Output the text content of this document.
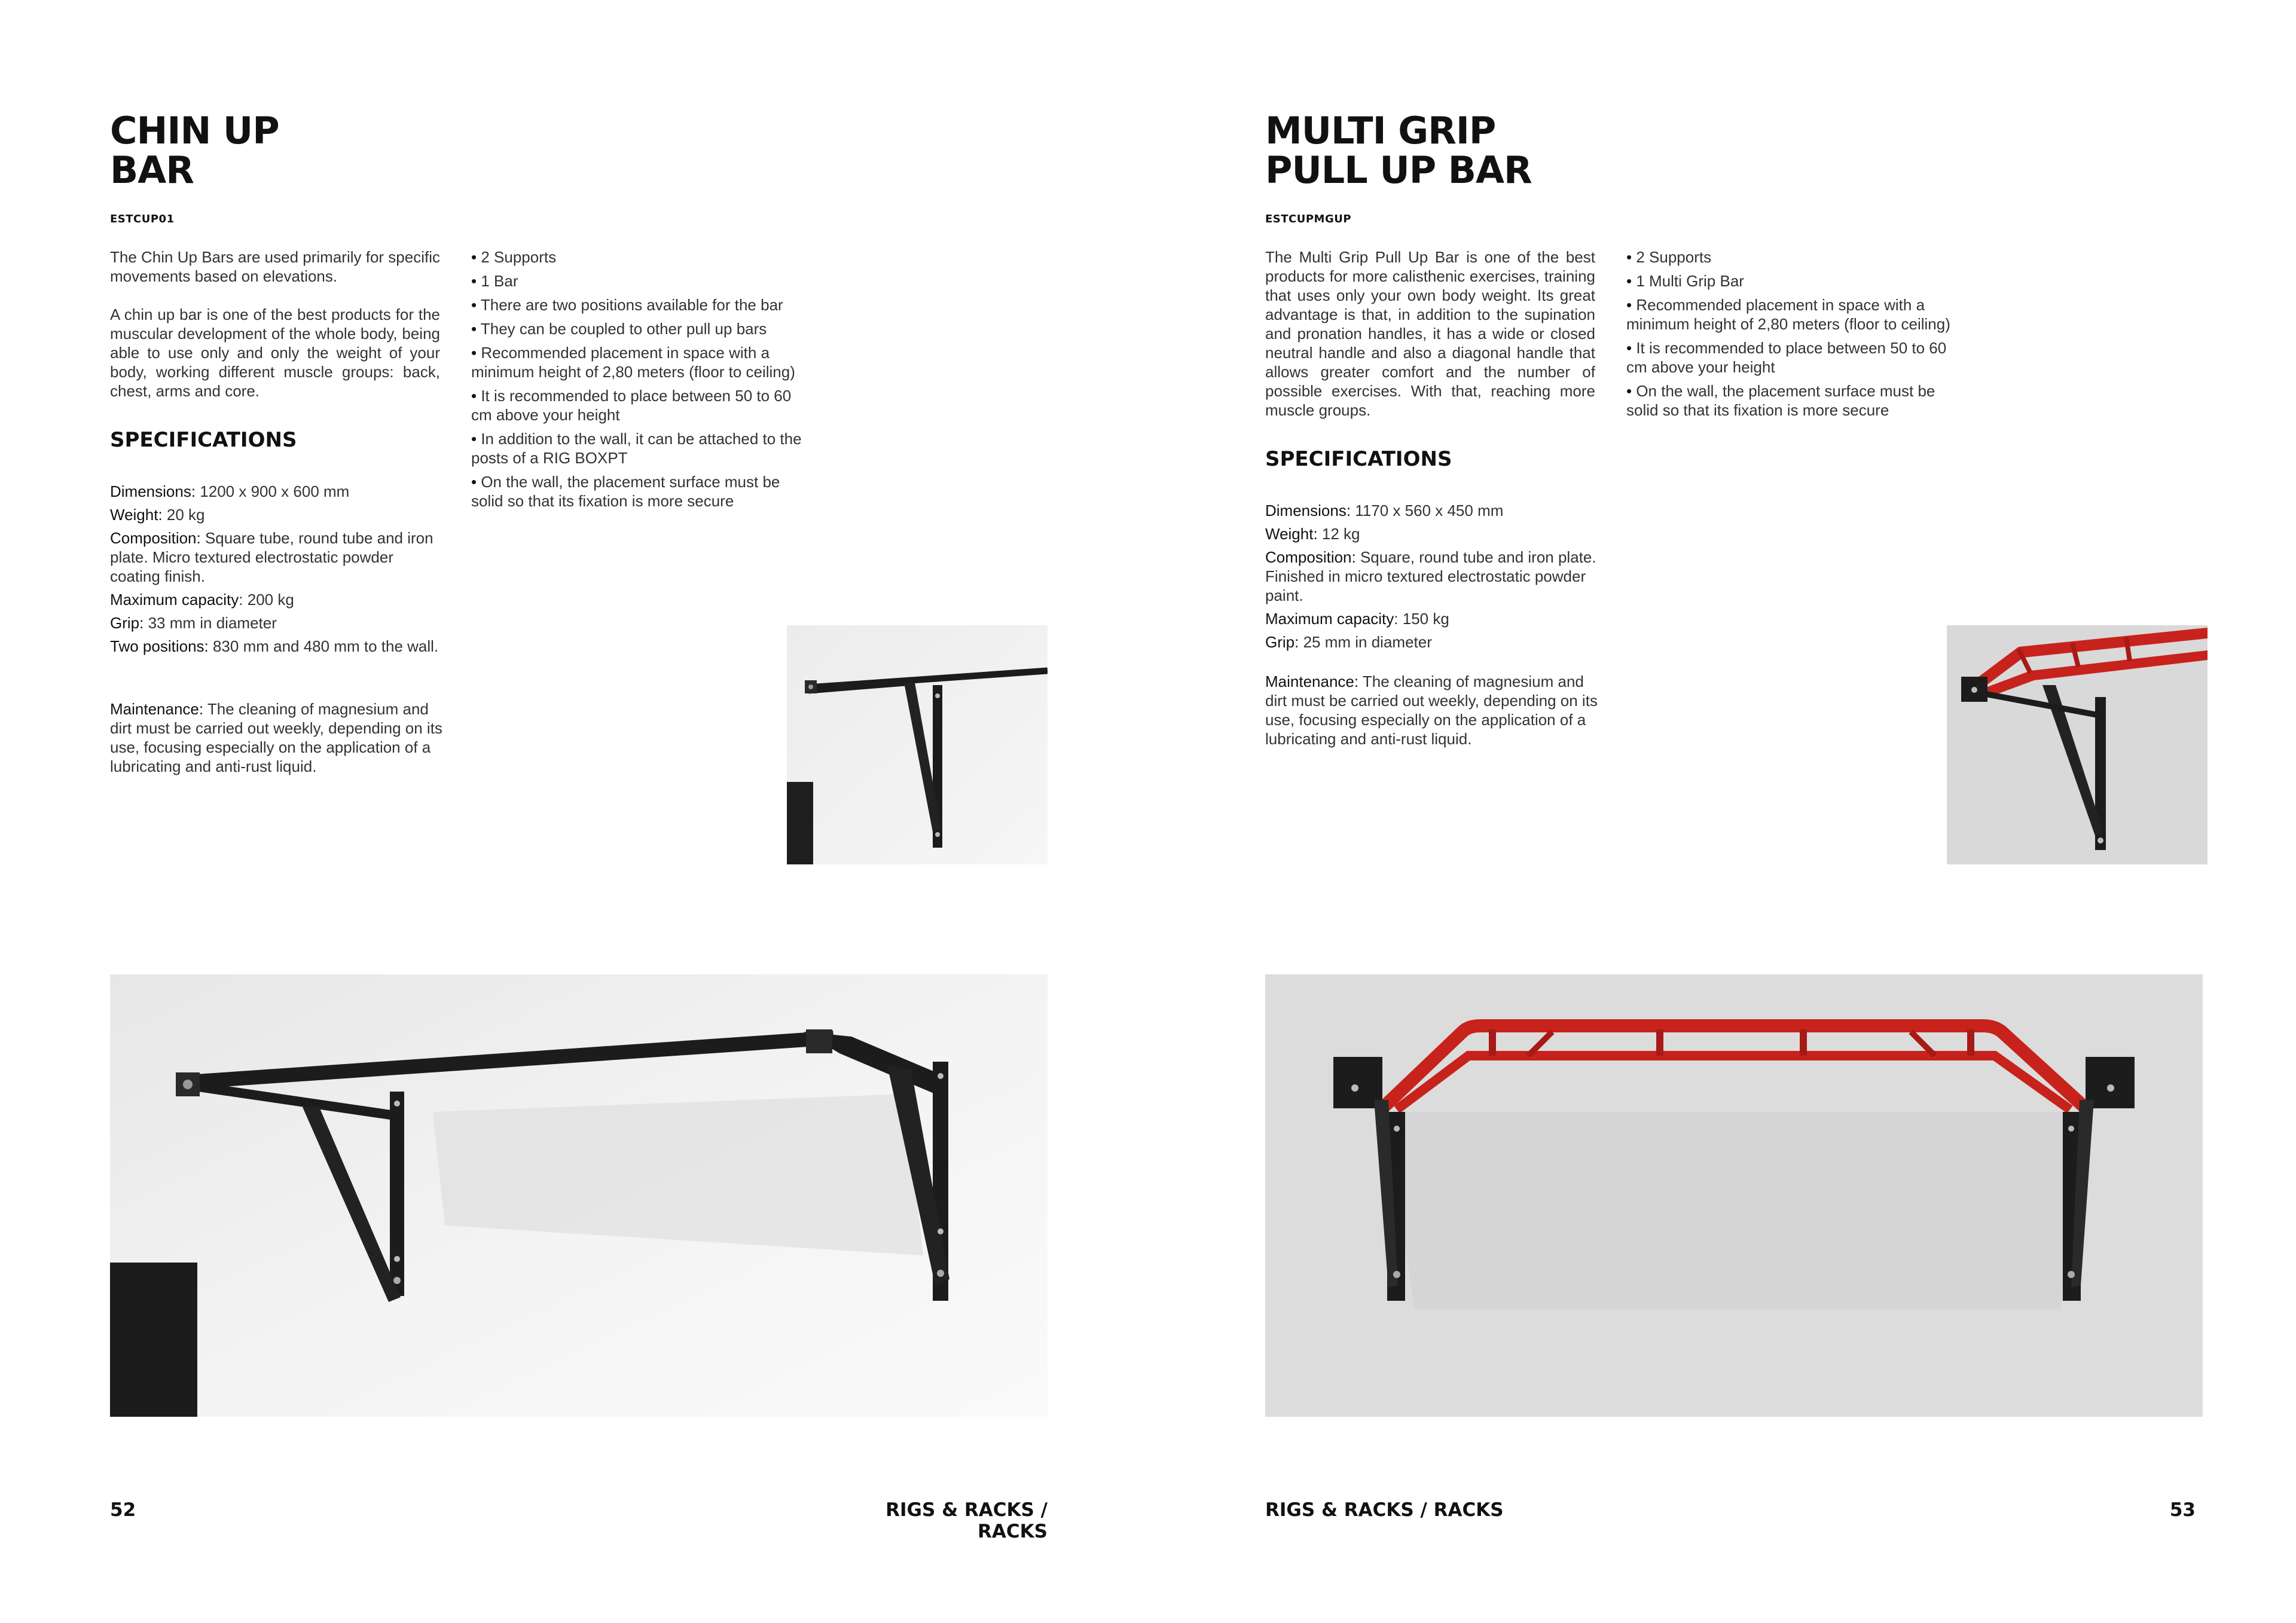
CHIN UP
BAR
ESTCUP01

The Chin Up Bars are used primarily for specific movements based on elevations.

A chin up bar is one of the best products for the muscular development of the whole body, being able to use only and only the weight of your body, working different muscle groups: back, chest, arms and core.

SPECIFICATIONS
Dimensions: 1200 x 900 x 600 mm
Weight: 20 kg
Composition: Square tube, round tube and iron plate. Micro textured electrostatic powder coating finish.
Maximum capacity: 200 kg
Grip: 33 mm in diameter
Two positions: 830 mm and 480 mm to the wall.
Maintenance: The cleaning of magnesium and dirt must be carried out weekly, depending on its use, focusing especially on the application of a lubricating and anti-rust liquid.
• 2 Supports
• 1 Bar
• There are two positions available for the bar
• They can be coupled to other pull up bars
• Recommended placement in space with a minimum height of 2,80 meters (floor to ceiling)
• It is recommended to place between 50 to 60 cm above your height
• In addition to the wall, it can be attached to the posts of a RIG BOXPT
• On the wall, the placement surface must be solid so that its fixation is more secure
52	RIGS & RACKS / RACKS
MULTI GRIP
PULL UP BAR
ESTCUPMGUP

The Multi Grip Pull Up Bar is one of the best products for more calisthenic exercises, training that uses only your own body weight. Its great advantage is that, in addition to the supination and pronation handles, it has a wide or closed neutral handle and also a diagonal handle that allows greater comfort and the number of possible exercises. With that, reaching more muscle groups.

SPECIFICATIONS
Dimensions: 1170 x 560 x 450 mm
Weight: 12 kg
Composition: Square, round tube and iron plate. Finished in micro textured electrostatic powder paint.
Maximum capacity: 150 kg
Grip: 25 mm in diameter
Maintenance: The cleaning of magnesium and dirt must be carried out weekly, depending on its use, focusing especially on the application of a lubricating and anti-rust liquid.
• 2 Supports
• 1 Multi Grip Bar
• Recommended placement in space with a minimum height of 2,80 meters (floor to ceiling)
• It is recommended to place between 50 to 60 cm above your height
• On the wall, the placement surface must be solid so that its fixation is more secure
RIGS & RACKS / RACKS	53
